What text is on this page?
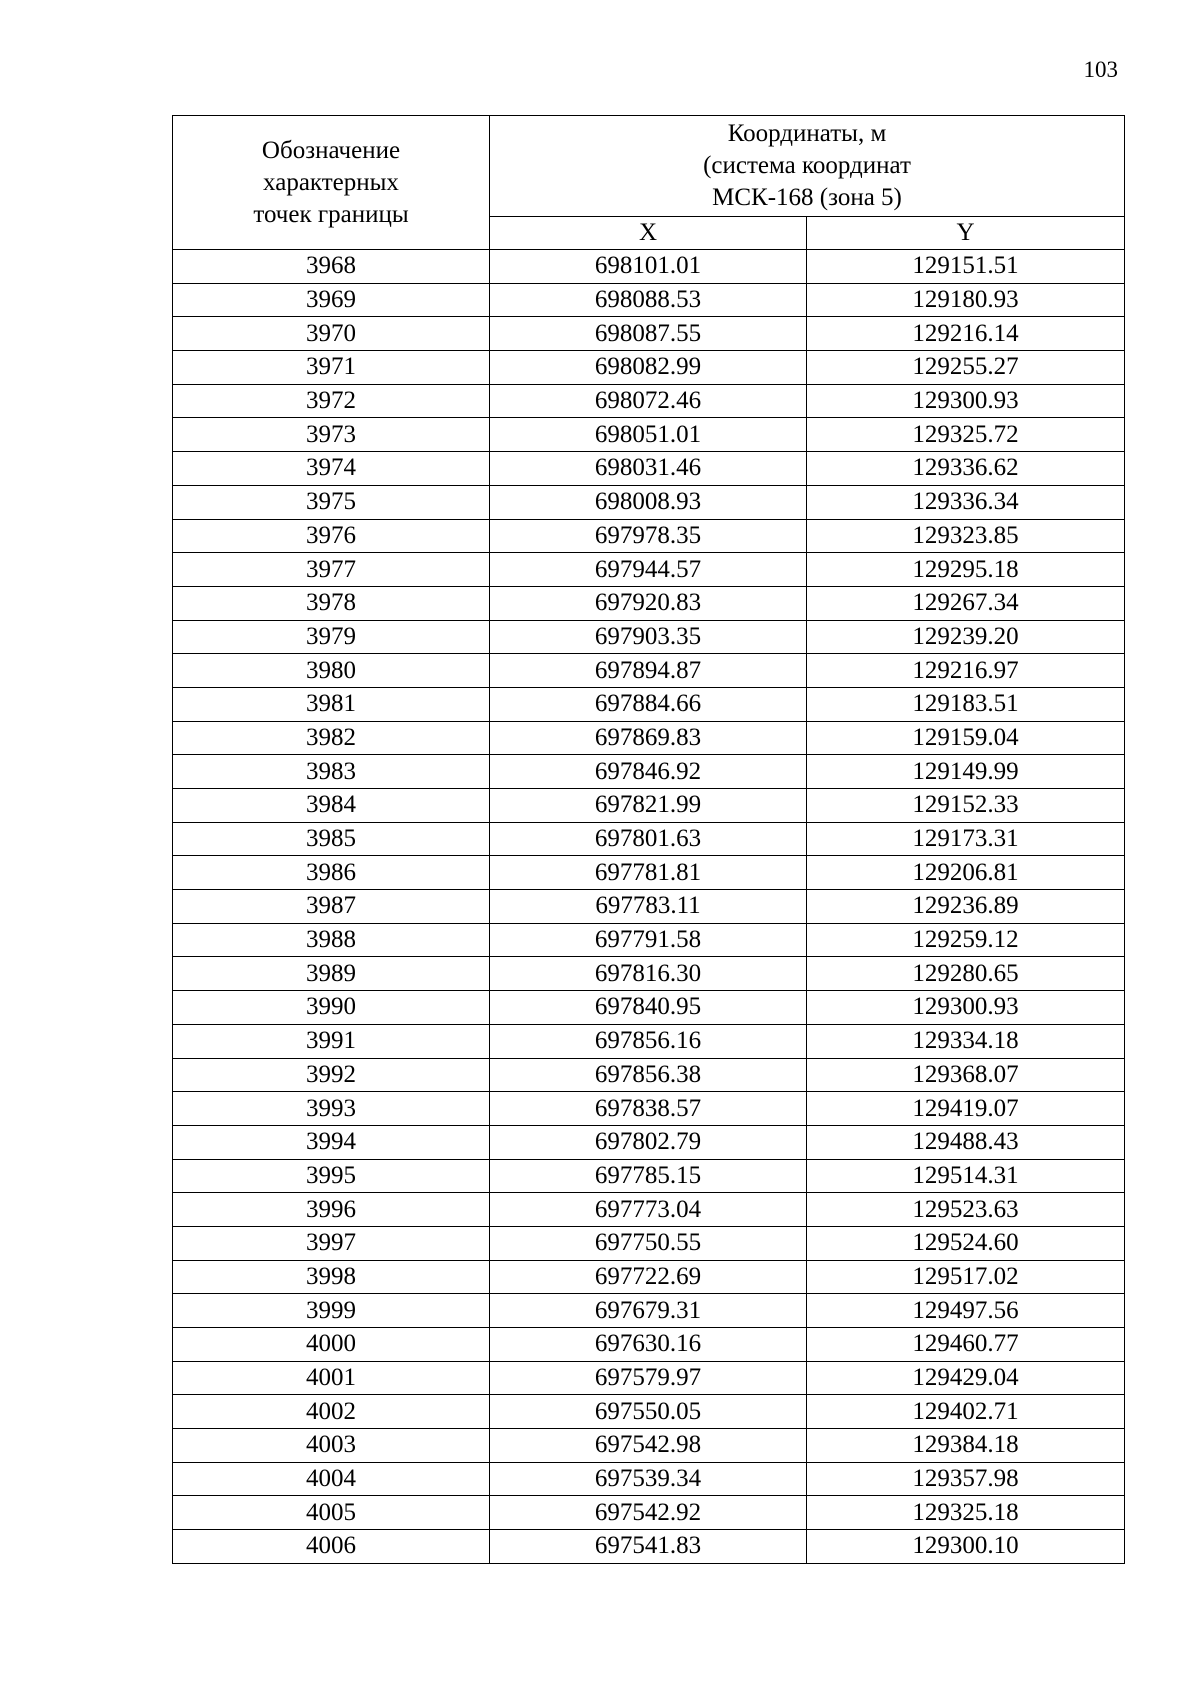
103
Обозначение
характерных
точек границы	Координаты, м
(система координат
МСК-168 (зона 5)	

	X	Y
3968	698101.01	129151.51
3969	698088.53	129180.93
3970	698087.55	129216.14
3971	698082.99	129255.27
3972	698072.46	129300.93
3973	698051.01	129325.72
3974	698031.46	129336.62
3975	698008.93	129336.34
3976	697978.35	129323.85
3977	697944.57	129295.18
3978	697920.83	129267.34
3979	697903.35	129239.20
3980	697894.87	129216.97
3981	697884.66	129183.51
3982	697869.83	129159.04
3983	697846.92	129149.99
3984	697821.99	129152.33
3985	697801.63	129173.31
3986	697781.81	129206.81
3987	697783.11	129236.89
3988	697791.58	129259.12
3989	697816.30	129280.65
3990	697840.95	129300.93
3991	697856.16	129334.18
3992	697856.38	129368.07
3993	697838.57	129419.07
3994	697802.79	129488.43
3995	697785.15	129514.31
3996	697773.04	129523.63
3997	697750.55	129524.60
3998	697722.69	129517.02
3999	697679.31	129497.56
4000	697630.16	129460.77
4001	697579.97	129429.04
4002	697550.05	129402.71
4003	697542.98	129384.18
4004	697539.34	129357.98
4005	697542.92	129325.18
4006	697541.83	129300.10
